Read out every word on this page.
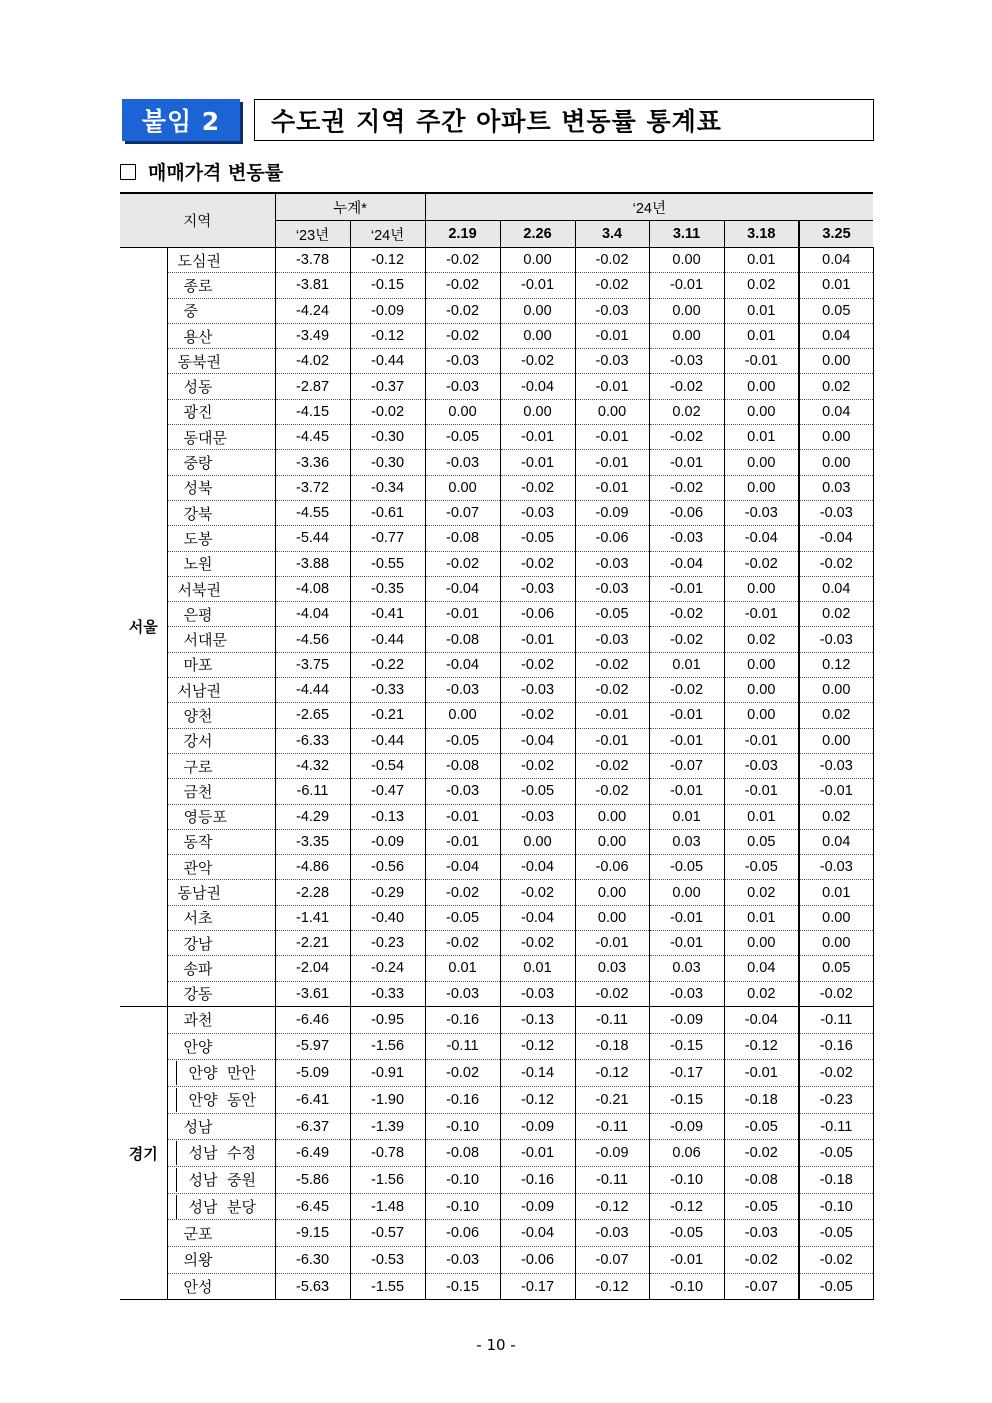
붙임 2	수도권 지역 주간 아파트 변동률 통계표
매매가격 변동률
지역		누계*		‘24년					
		‘23년	‘24년	2.19	2.26	3.4	3.11	3.18	3.25
서울	도심권	-3.78	-0.12	-0.02	0.00	-0.02	0.00	0.01	0.04
	종로	-3.81	-0.15	-0.02	-0.01	-0.02	-0.01	0.02	0.01
	중	-4.24	-0.09	-0.02	0.00	-0.03	0.00	0.01	0.05
	용산	-3.49	-0.12	-0.02	0.00	-0.01	0.00	0.01	0.04
	동북권	-4.02	-0.44	-0.03	-0.02	-0.03	-0.03	-0.01	0.00
	성동	-2.87	-0.37	-0.03	-0.04	-0.01	-0.02	0.00	0.02
	광진	-4.15	-0.02	0.00	0.00	0.00	0.02	0.00	0.04
	동대문	-4.45	-0.30	-0.05	-0.01	-0.01	-0.02	0.01	0.00
	중랑	-3.36	-0.30	-0.03	-0.01	-0.01	-0.01	0.00	0.00
	성북	-3.72	-0.34	0.00	-0.02	-0.01	-0.02	0.00	0.03
	강북	-4.55	-0.61	-0.07	-0.03	-0.09	-0.06	-0.03	-0.03
	도봉	-5.44	-0.77	-0.08	-0.05	-0.06	-0.03	-0.04	-0.04
	노원	-3.88	-0.55	-0.02	-0.02	-0.03	-0.04	-0.02	-0.02
	서북권	-4.08	-0.35	-0.04	-0.03	-0.03	-0.01	0.00	0.04
	은평	-4.04	-0.41	-0.01	-0.06	-0.05	-0.02	-0.01	0.02
	서대문	-4.56	-0.44	-0.08	-0.01	-0.03	-0.02	0.02	-0.03
	마포	-3.75	-0.22	-0.04	-0.02	-0.02	0.01	0.00	0.12
	서남권	-4.44	-0.33	-0.03	-0.03	-0.02	-0.02	0.00	0.00
	양천	-2.65	-0.21	0.00	-0.02	-0.01	-0.01	0.00	0.02
	강서	-6.33	-0.44	-0.05	-0.04	-0.01	-0.01	-0.01	0.00
	구로	-4.32	-0.54	-0.08	-0.02	-0.02	-0.07	-0.03	-0.03
	금천	-6.11	-0.47	-0.03	-0.05	-0.02	-0.01	-0.01	-0.01
	영등포	-4.29	-0.13	-0.01	-0.03	0.00	0.01	0.01	0.02
	동작	-3.35	-0.09	-0.01	0.00	0.00	0.03	0.05	0.04
	관악	-4.86	-0.56	-0.04	-0.04	-0.06	-0.05	-0.05	-0.03
	동남권	-2.28	-0.29	-0.02	-0.02	0.00	0.00	0.02	0.01
	서초	-1.41	-0.40	-0.05	-0.04	0.00	-0.01	0.01	0.00
	강남	-2.21	-0.23	-0.02	-0.02	-0.01	-0.01	0.00	0.00
	송파	-2.04	-0.24	0.01	0.01	0.03	0.03	0.04	0.05
	강동	-3.61	-0.33	-0.03	-0.03	-0.02	-0.03	0.02	-0.02
경기	과천	-6.46	-0.95	-0.16	-0.13	-0.11	-0.09	-0.04	-0.11
	안양	-5.97	-1.56	-0.11	-0.12	-0.18	-0.15	-0.12	-0.16

	안양  만안	-5.09	-0.91	-0.02	-0.14	-0.12	-0.17	-0.01	-0.02

	안양  동안	-6.41	-1.90	-0.16	-0.12	-0.21	-0.15	-0.18	-0.23
	성남	-6.37	-1.39	-0.10	-0.09	-0.11	-0.09	-0.05	-0.11

	성남  수정	-6.49	-0.78	-0.08	-0.01	-0.09	0.06	-0.02	-0.05

	성남  중원	-5.86	-1.56	-0.10	-0.16	-0.11	-0.10	-0.08	-0.18

	성남  분당	-6.45	-1.48	-0.10	-0.09	-0.12	-0.12	-0.05	-0.10
	군포	-9.15	-0.57	-0.06	-0.04	-0.03	-0.05	-0.03	-0.05
	의왕	-6.30	-0.53	-0.03	-0.06	-0.07	-0.01	-0.02	-0.02
	안성	-5.63	-1.55	-0.15	-0.17	-0.12	-0.10	-0.07	-0.05
- 10 -
